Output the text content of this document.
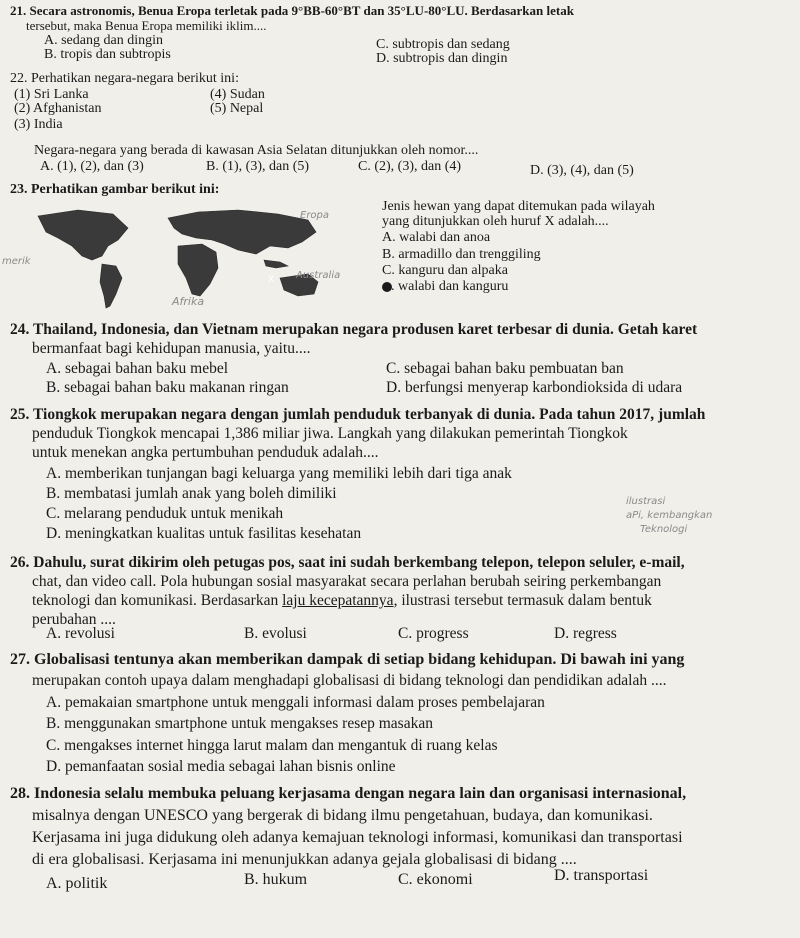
21. Secara astronomis, Benua Eropa terletak pada 9°BB-60°BT dan 35°LU-80°LU. Berdasarkan letak
tersebut, maka Benua Eropa memiliki iklim....
A. sedang dan dingin
B. tropis dan subtropis
C. subtropis dan sedang
D. subtropis dan dingin
22. Perhatikan negara-negara berikut ini:
(1) Sri Lanka
(2) Afghanistan
(3) India
(4) Sudan
(5) Nepal
Negara-negara yang berada di kawasan Asia Selatan ditunjukkan oleh nomor....
A. (1), (2), dan (3)	B. (1), (3), dan (5)	C. (2), (3), dan (4)	D. (3), (4), dan (5)
23. Perhatikan gambar berikut ini:
X
Eropa
merik
Australia
Afrika
Jenis hewan yang dapat ditemukan pada wilayah
yang ditunjukkan oleh huruf X adalah....
A. walabi dan anoa
B. armadillo dan trenggiling
C. kanguru dan alpaka
. walabi dan kanguru
24. Thailand, Indonesia, dan Vietnam merupakan negara produsen karet terbesar di dunia. Getah karet
bermanfaat bagi kehidupan manusia, yaitu....
A. sebagai bahan baku mebel
B. sebagai bahan baku makanan ringan
C. sebagai bahan baku pembuatan ban
D. berfungsi menyerap karbondioksida di udara
25. Tiongkok merupakan negara dengan jumlah penduduk terbanyak di dunia. Pada tahun 2017, jumlah
penduduk Tiongkok mencapai 1,386 miliar jiwa. Langkah yang dilakukan pemerintah Tiongkok
untuk menekan angka pertumbuhan penduduk adalah....
A. memberikan tunjangan bagi keluarga yang memiliki lebih dari tiga anak
B. membatasi jumlah anak yang boleh dimiliki
C. melarang penduduk untuk menikah
D. meningkatkan kualitas untuk fasilitas kesehatan
ilustrasi
aPi, kembangkan
Teknologi
26. Dahulu, surat dikirim oleh petugas pos, saat ini sudah berkembang telepon, telepon seluler, e-mail,
chat, dan video call. Pola hubungan sosial masyarakat secara perlahan berubah seiring perkembangan
teknologi dan komunikasi. Berdasarkan laju kecepatannya, ilustrasi tersebut termasuk dalam bentuk
perubahan ....
A. revolusi	B. evolusi	C. progress	D. regress
27. Globalisasi tentunya akan memberikan dampak di setiap bidang kehidupan. Di bawah ini yang
merupakan contoh upaya dalam menghadapi globalisasi di bidang teknologi dan pendidikan adalah ....
A. pemakaian smartphone untuk menggali informasi dalam proses pembelajaran
B. menggunakan smartphone untuk mengakses resep masakan
C. mengakses internet hingga larut malam dan mengantuk di ruang kelas
D. pemanfaatan sosial media sebagai lahan bisnis online
28. Indonesia selalu membuka peluang kerjasama dengan negara lain dan organisasi internasional,
misalnya dengan UNESCO yang bergerak di bidang ilmu pengetahuan, budaya, dan komunikasi.
Kerjasama ini juga didukung oleh adanya kemajuan teknologi informasi, komunikasi dan transportasi
di era globalisasi. Kerjasama ini menunjukkan adanya gejala globalisasi di bidang ....
A. politik	B. hukum	C. ekonomi	D. transportasi
